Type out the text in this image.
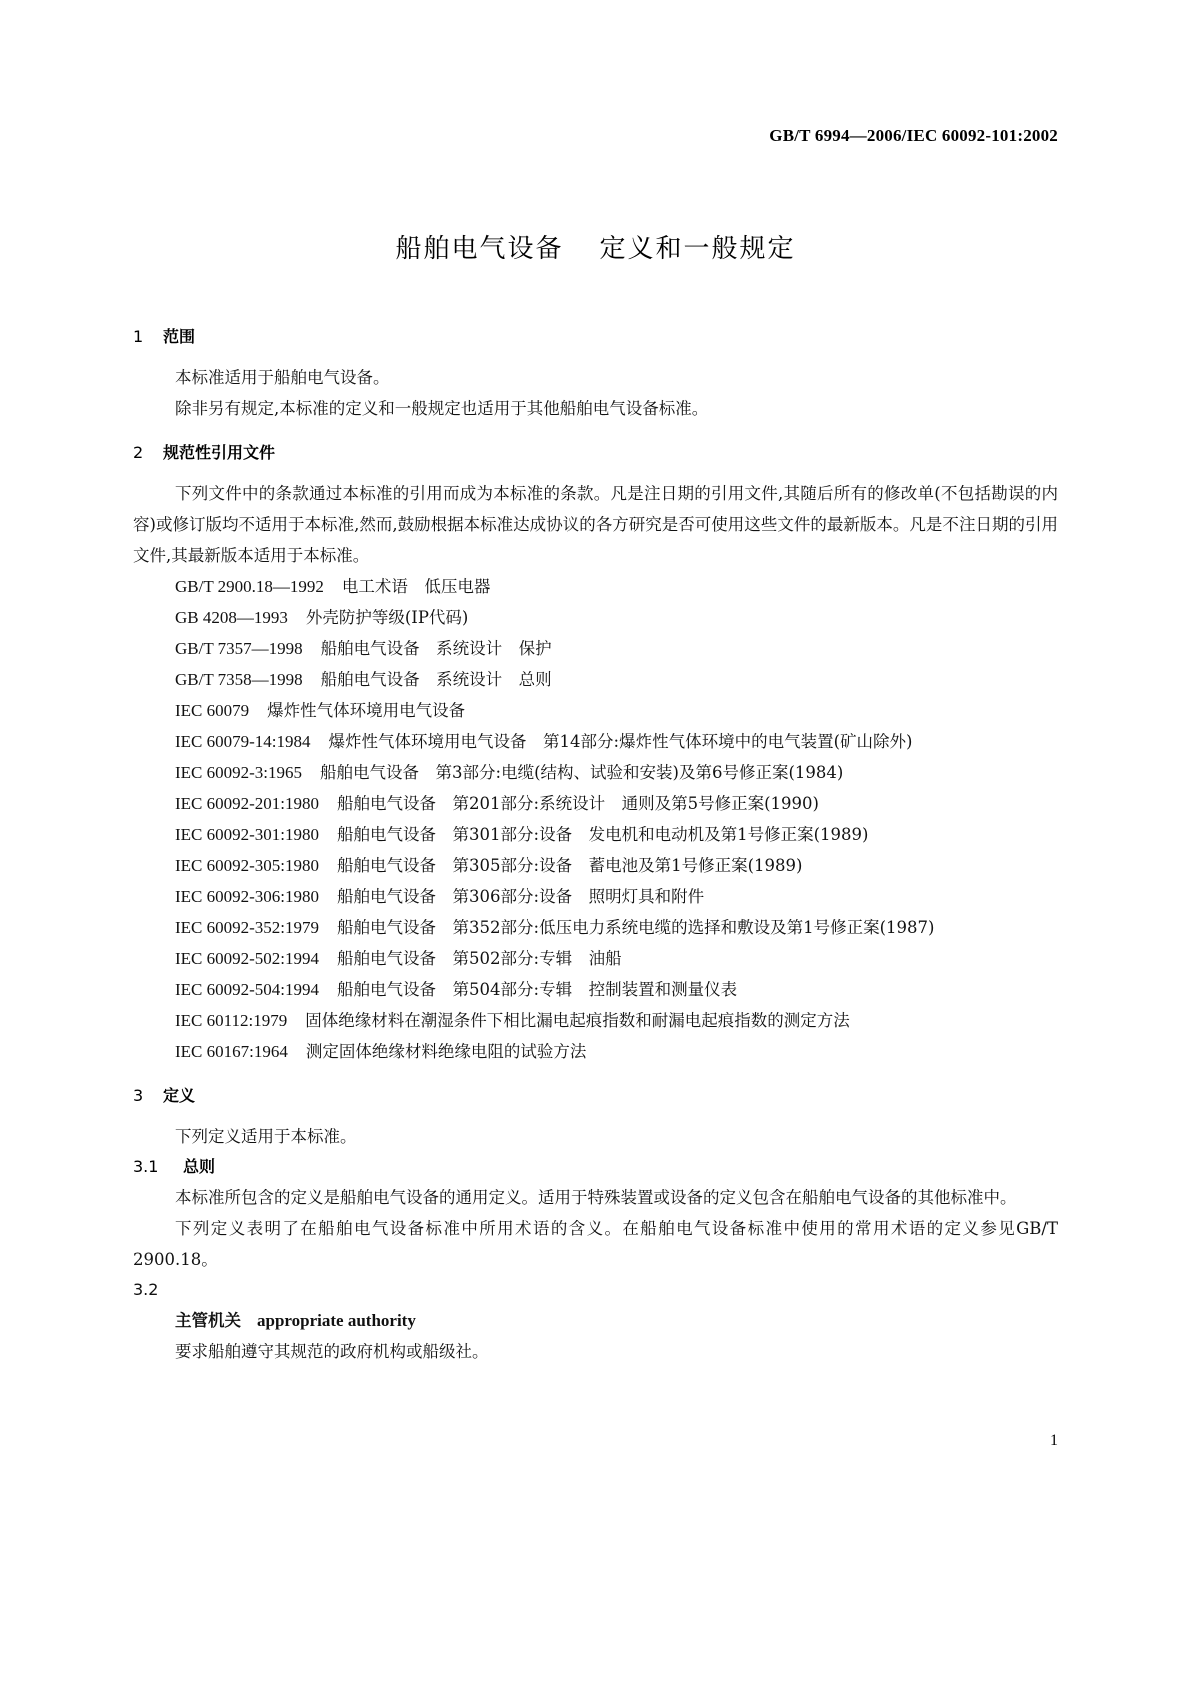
GB/T 6994—2006/IEC 60092-101:2002

船舶电气设备 定义和一般规定
1 范围

本标准适用于船舶电气设备。

除非另有规定,本标准的定义和一般规定也适用于其他船舶电气设备标准。

2 规范性引用文件

下列文件中的条款通过本标准的引用而成为本标准的条款。凡是注日期的引用文件,其随后所有的修改单(不包括勘误的内容)或修订版均不适用于本标准,然而,鼓励根据本标准达成协议的各方研究是否可使用这些文件的最新版本。凡是不注日期的引用文件,其最新版本适用于本标准。

GB/T 2900.18—1992 电工术语　低压电器

GB 4208—1993 外壳防护等级(IP代码)

GB/T 7357—1998 船舶电气设备　系统设计　保护

GB/T 7358—1998 船舶电气设备　系统设计　总则

IEC 60079 爆炸性气体环境用电气设备

IEC 60079-14:1984 爆炸性气体环境用电气设备　第14部分:爆炸性气体环境中的电气装置(矿山除外)

IEC 60092-3:1965 船舶电气设备　第3部分:电缆(结构、试验和安装)及第6号修正案(1984)

IEC 60092-201:1980 船舶电气设备　第201部分:系统设计　通则及第5号修正案(1990)

IEC 60092-301:1980 船舶电气设备　第301部分:设备　发电机和电动机及第1号修正案(1989)

IEC 60092-305:1980 船舶电气设备　第305部分:设备　蓄电池及第1号修正案(1989)

IEC 60092-306:1980 船舶电气设备　第306部分:设备　照明灯具和附件

IEC 60092-352:1979 船舶电气设备　第352部分:低压电力系统电缆的选择和敷设及第1号修正案(1987)

IEC 60092-502:1994 船舶电气设备　第502部分:专辑　油船

IEC 60092-504:1994 船舶电气设备　第504部分:专辑　控制装置和测量仪表

IEC 60112:1979 固体绝缘材料在潮湿条件下相比漏电起痕指数和耐漏电起痕指数的测定方法

IEC 60167:1964 测定固体绝缘材料绝缘电阻的试验方法

3 定义

下列定义适用于本标准。

3.1 总则

本标准所包含的定义是船舶电气设备的通用定义。适用于特殊装置或设备的定义包含在船舶电气设备的其他标准中。

下列定义表明了在船舶电气设备标准中所用术语的含义。在船舶电气设备标准中使用的常用术语的定义参见GB/T 2900.18。

3.2

主管机关 appropriate authority

要求船舶遵守其规范的政府机构或船级社。

1
